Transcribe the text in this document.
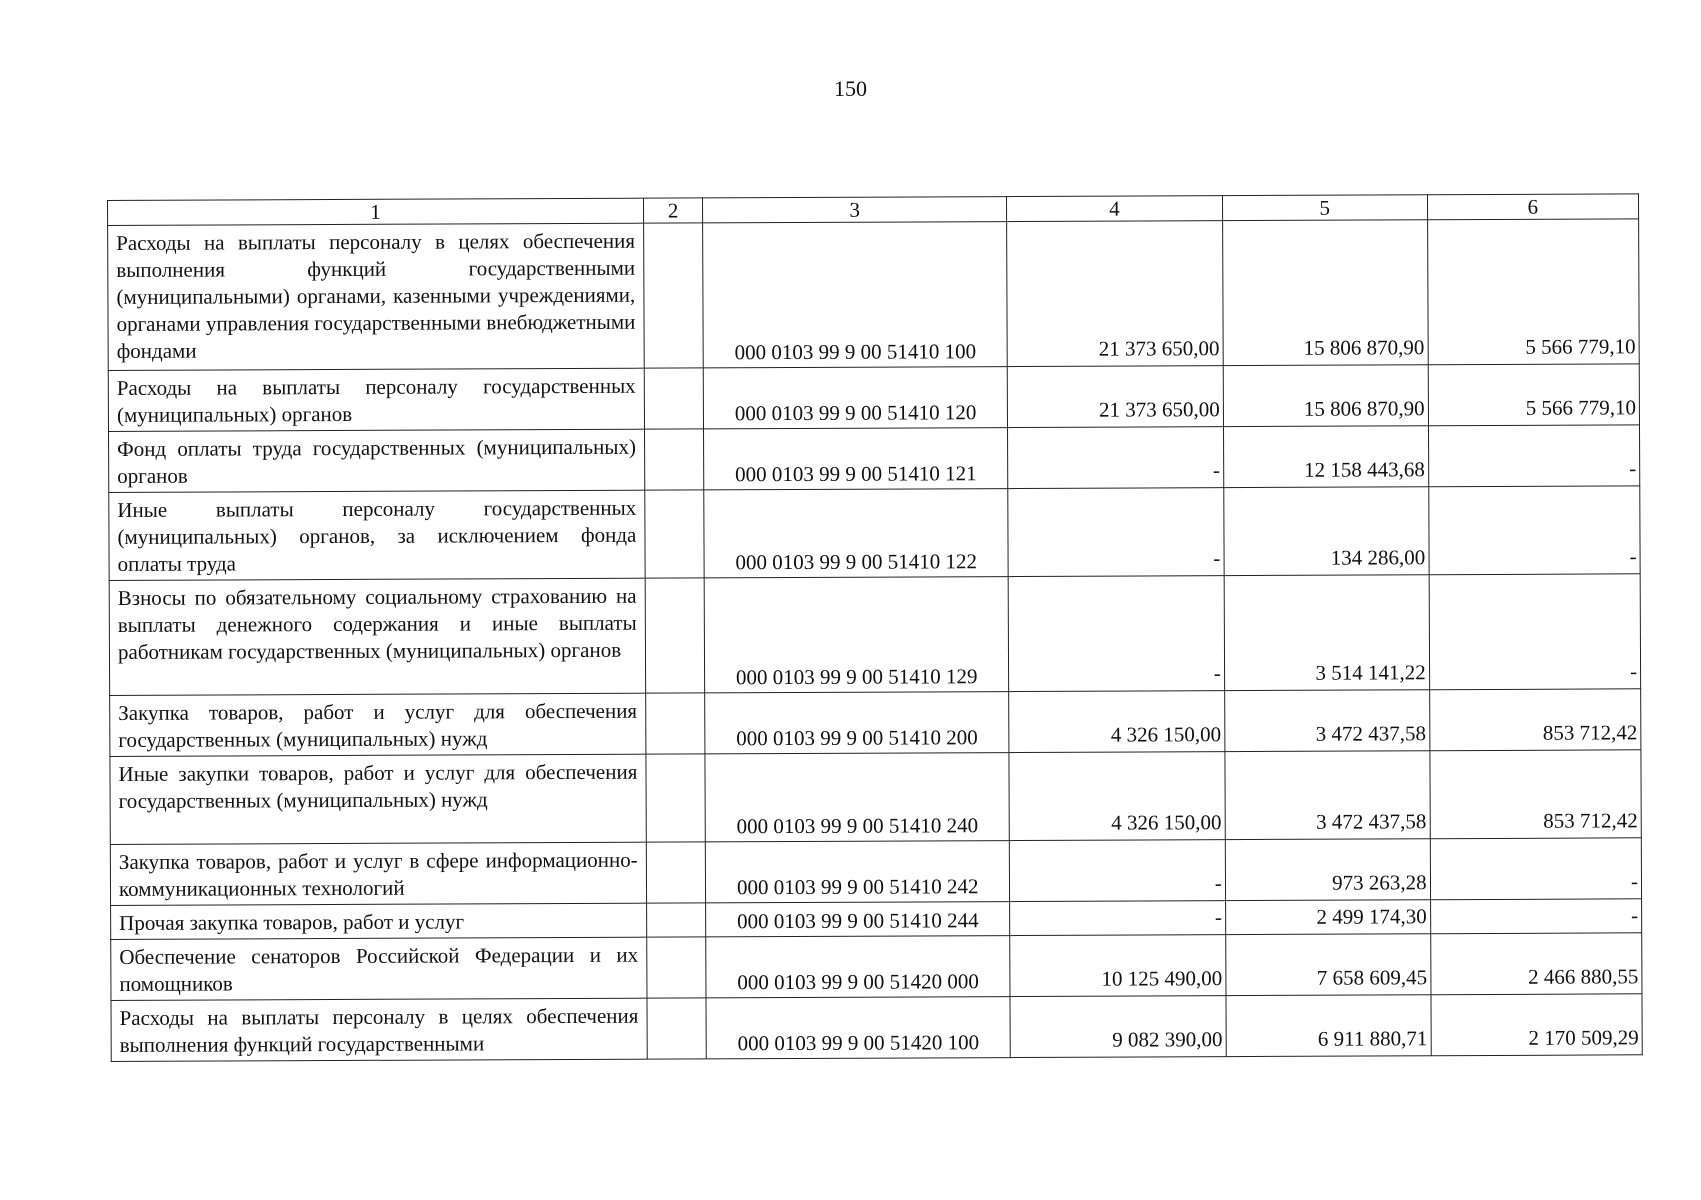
150
1	2	3	4	5	6
Расходы на выплаты персоналу в целях обеспечения выполнения функций государственными (муниципальными) органами, казенными учреждениями, органами управления государственными внебюджетными фондами		000 0103 99 9 00 51410 100	21 373 650,00	15 806 870,90	5 566 779,10
Расходы на выплаты персоналу государственных (муниципальных) органов		000 0103 99 9 00 51410 120	21 373 650,00	15 806 870,90	5 566 779,10
Фонд оплаты труда государственных (муниципальных) органов		000 0103 99 9 00 51410 121	-	12 158 443,68	-
Иные выплаты персоналу государственных (муниципальных) органов, за исключением фонда оплаты труда		000 0103 99 9 00 51410 122	-	134 286,00	-
Взносы по обязательному социальному страхованию на выплаты денежного содержания и иные выплаты работникам государственных (муниципальных) органов		000 0103 99 9 00 51410 129	-	3 514 141,22	-
Закупка товаров, работ и услуг для обеспечения государственных (муниципальных) нужд		000 0103 99 9 00 51410 200	4 326 150,00	3 472 437,58	853 712,42
Иные закупки товаров, работ и услуг для обеспечения государственных (муниципальных) нужд		000 0103 99 9 00 51410 240	4 326 150,00	3 472 437,58	853 712,42
Закупка товаров, работ и услуг в сфере информационно-коммуникационных технологий		000 0103 99 9 00 51410 242	-	973 263,28	-
Прочая закупка товаров, работ и услуг		000 0103 99 9 00 51410 244	-	2 499 174,30	-
Обеспечение сенаторов Российской Федерации и их помощников		000 0103 99 9 00 51420 000	10 125 490,00	7 658 609,45	2 466 880,55
Расходы на выплаты персоналу в целях обеспечения выполнения функций государственными		000 0103 99 9 00 51420 100	9 082 390,00	6 911 880,71	2 170 509,29
